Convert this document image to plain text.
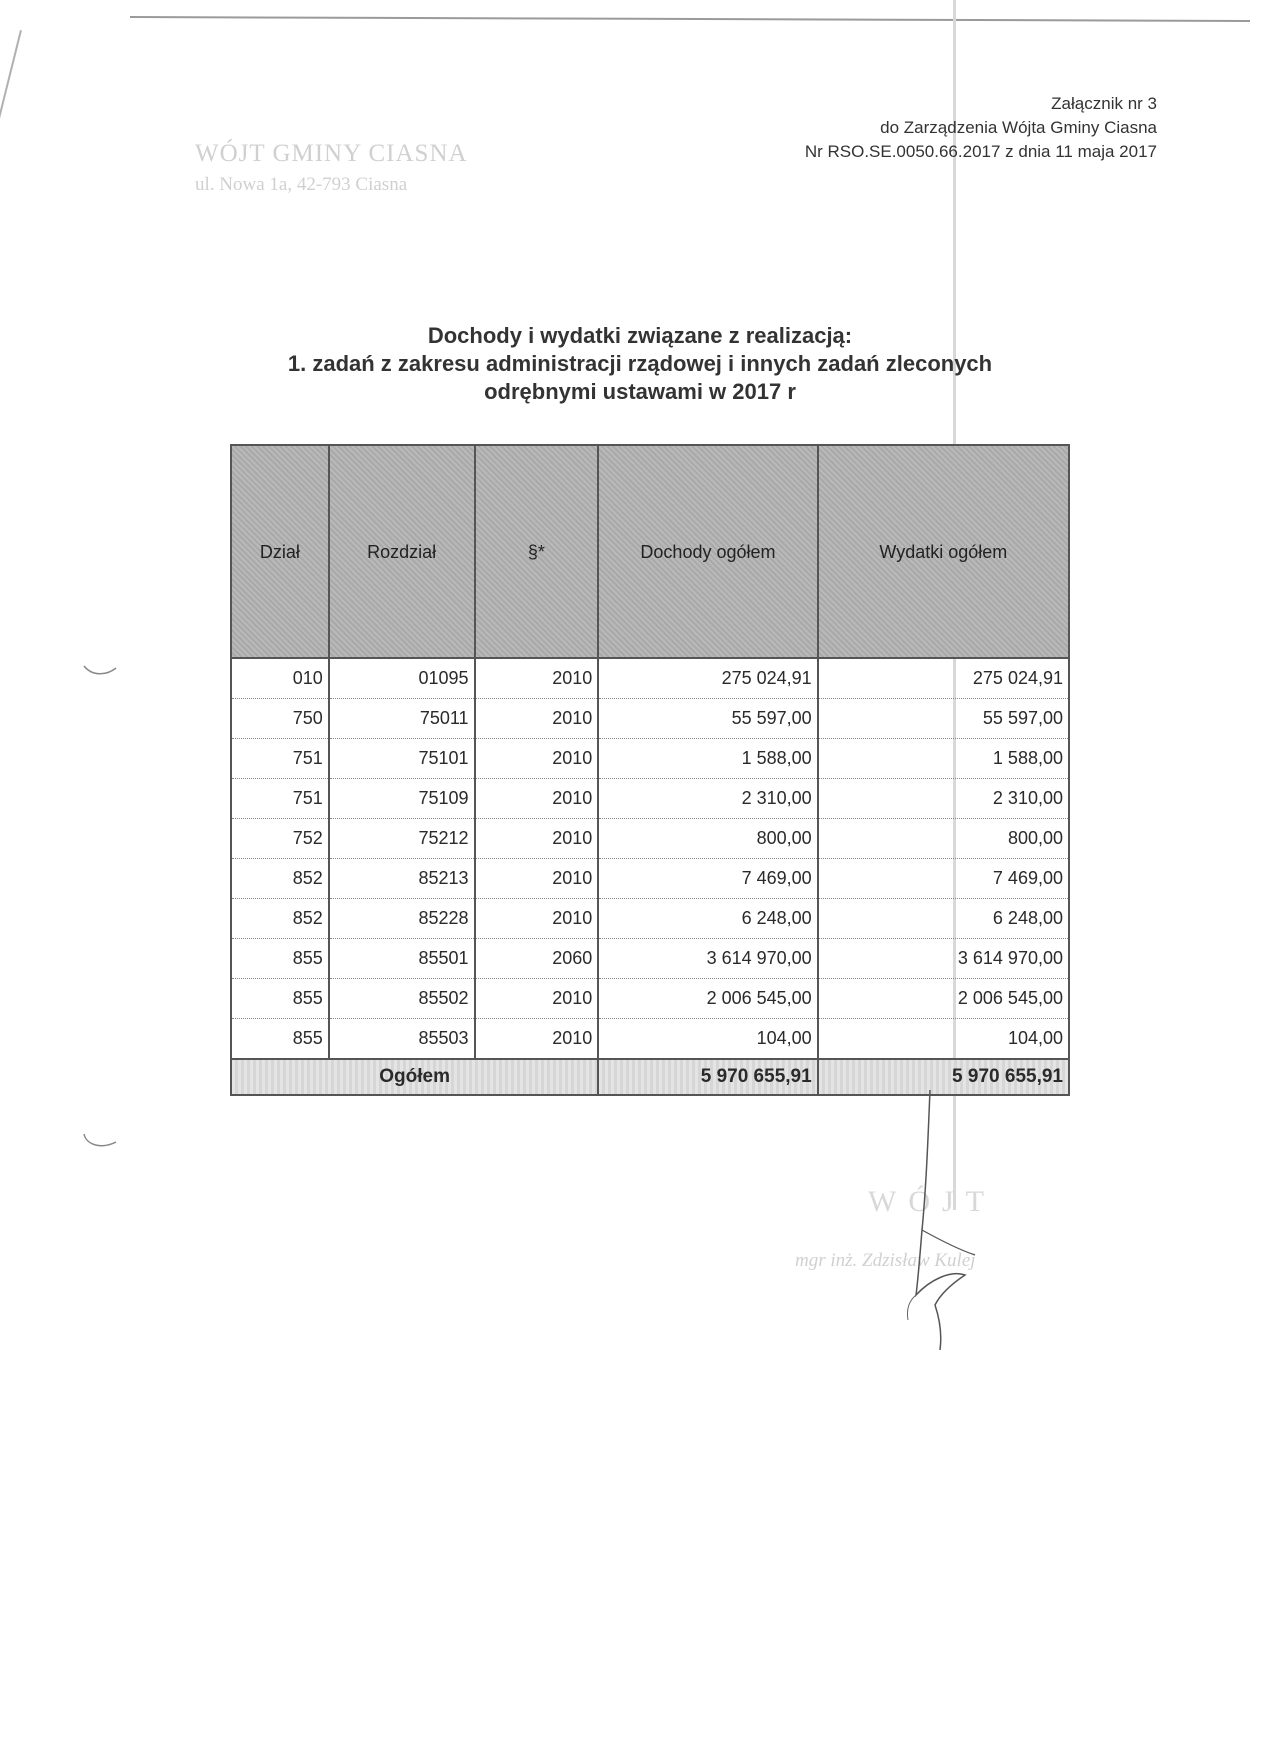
WÓJT GMINY CIASNA
ul. Nowa 1a, 42-793 Ciasna
Załącznik nr 3
do Zarządzenia Wójta Gminy Ciasna
Nr RSO.SE.0050.66.2017 z dnia 11 maja 2017
Dochody i wydatki związane z realizacją:
1. zadań z zakresu administracji rządowej i innych zadań zleconych
odrębnymi ustawami w 2017 r
Dział	Rozdział	§*	Dochody ogółem	Wydatki ogółem
010	01095	2010	275 024,91	275 024,91
750	75011	2010	55 597,00	55 597,00
751	75101	2010	1 588,00	1 588,00
751	75109	2010	2 310,00	2 310,00
752	75212	2010	800,00	800,00
852	85213	2010	7 469,00	7 469,00
852	85228	2010	6 248,00	6 248,00
855	85501	2060	3 614 970,00	3 614 970,00
855	85502	2010	2 006 545,00	2 006 545,00
855	85503	2010	104,00	104,00
Ogółem			5 970 655,91	5 970 655,91
WÓJT
mgr inż. Zdzisław Kulej
